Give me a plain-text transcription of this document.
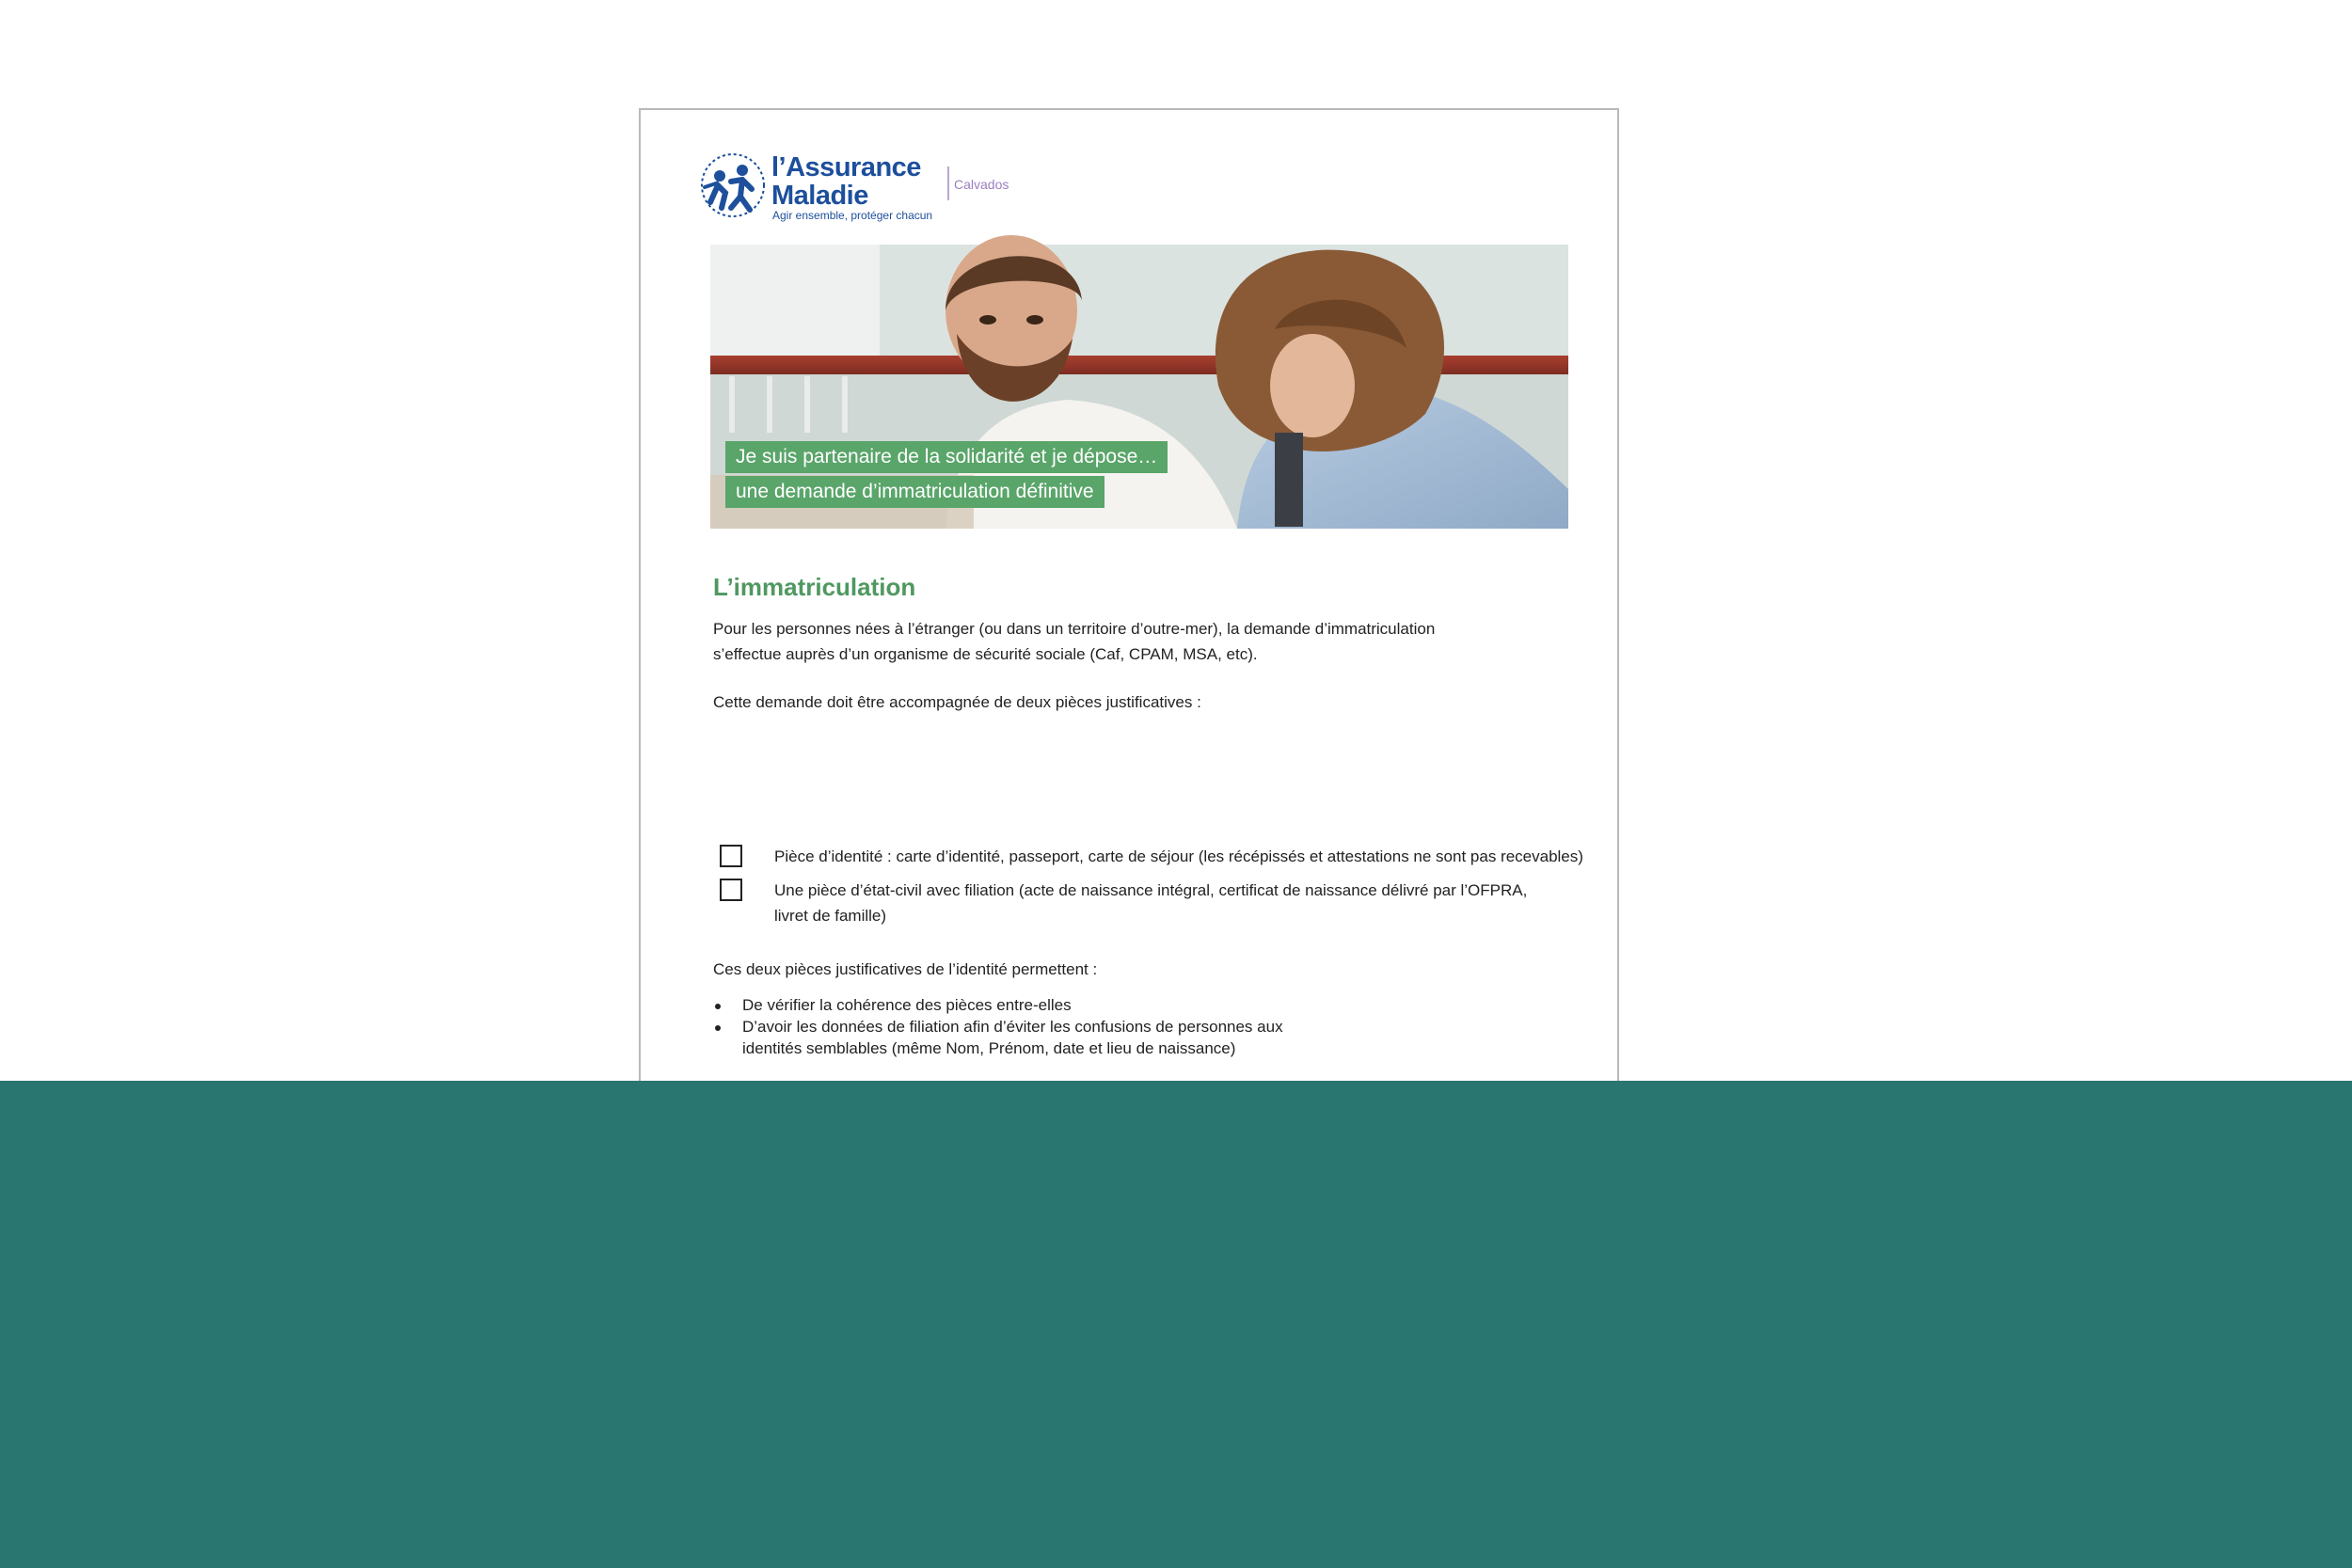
l’Assurance
Maladie
Agir ensemble, protéger chacun
Calvados
Je suis partenaire de la solidarité et je dépose…
une demande d’immatriculation définitive
L’immatriculation
Pour les personnes nées à l’étranger (ou dans un territoire d’outre-mer), la demande d’immatriculation
s’effectue auprès d’un organisme de sécurité sociale (Caf, CPAM, MSA, etc).
Cette demande doit être accompagnée de deux pièces justificatives :
Pièce d’identité : carte d’identité, passeport, carte de séjour (les récépissés et attestations ne sont pas recevables)
Une pièce d’état-civil avec filiation (acte de naissance intégral, certificat de naissance délivré par l’OFPRA,
livret de famille)
Ces deux pièces justificatives de l’identité permettent :
De vérifier la cohérence des pièces entre-elles
D’avoir les données de filiation afin d’éviter les confusions de personnes aux
identités semblables (même Nom, Prénom, date et lieu de naissance)
